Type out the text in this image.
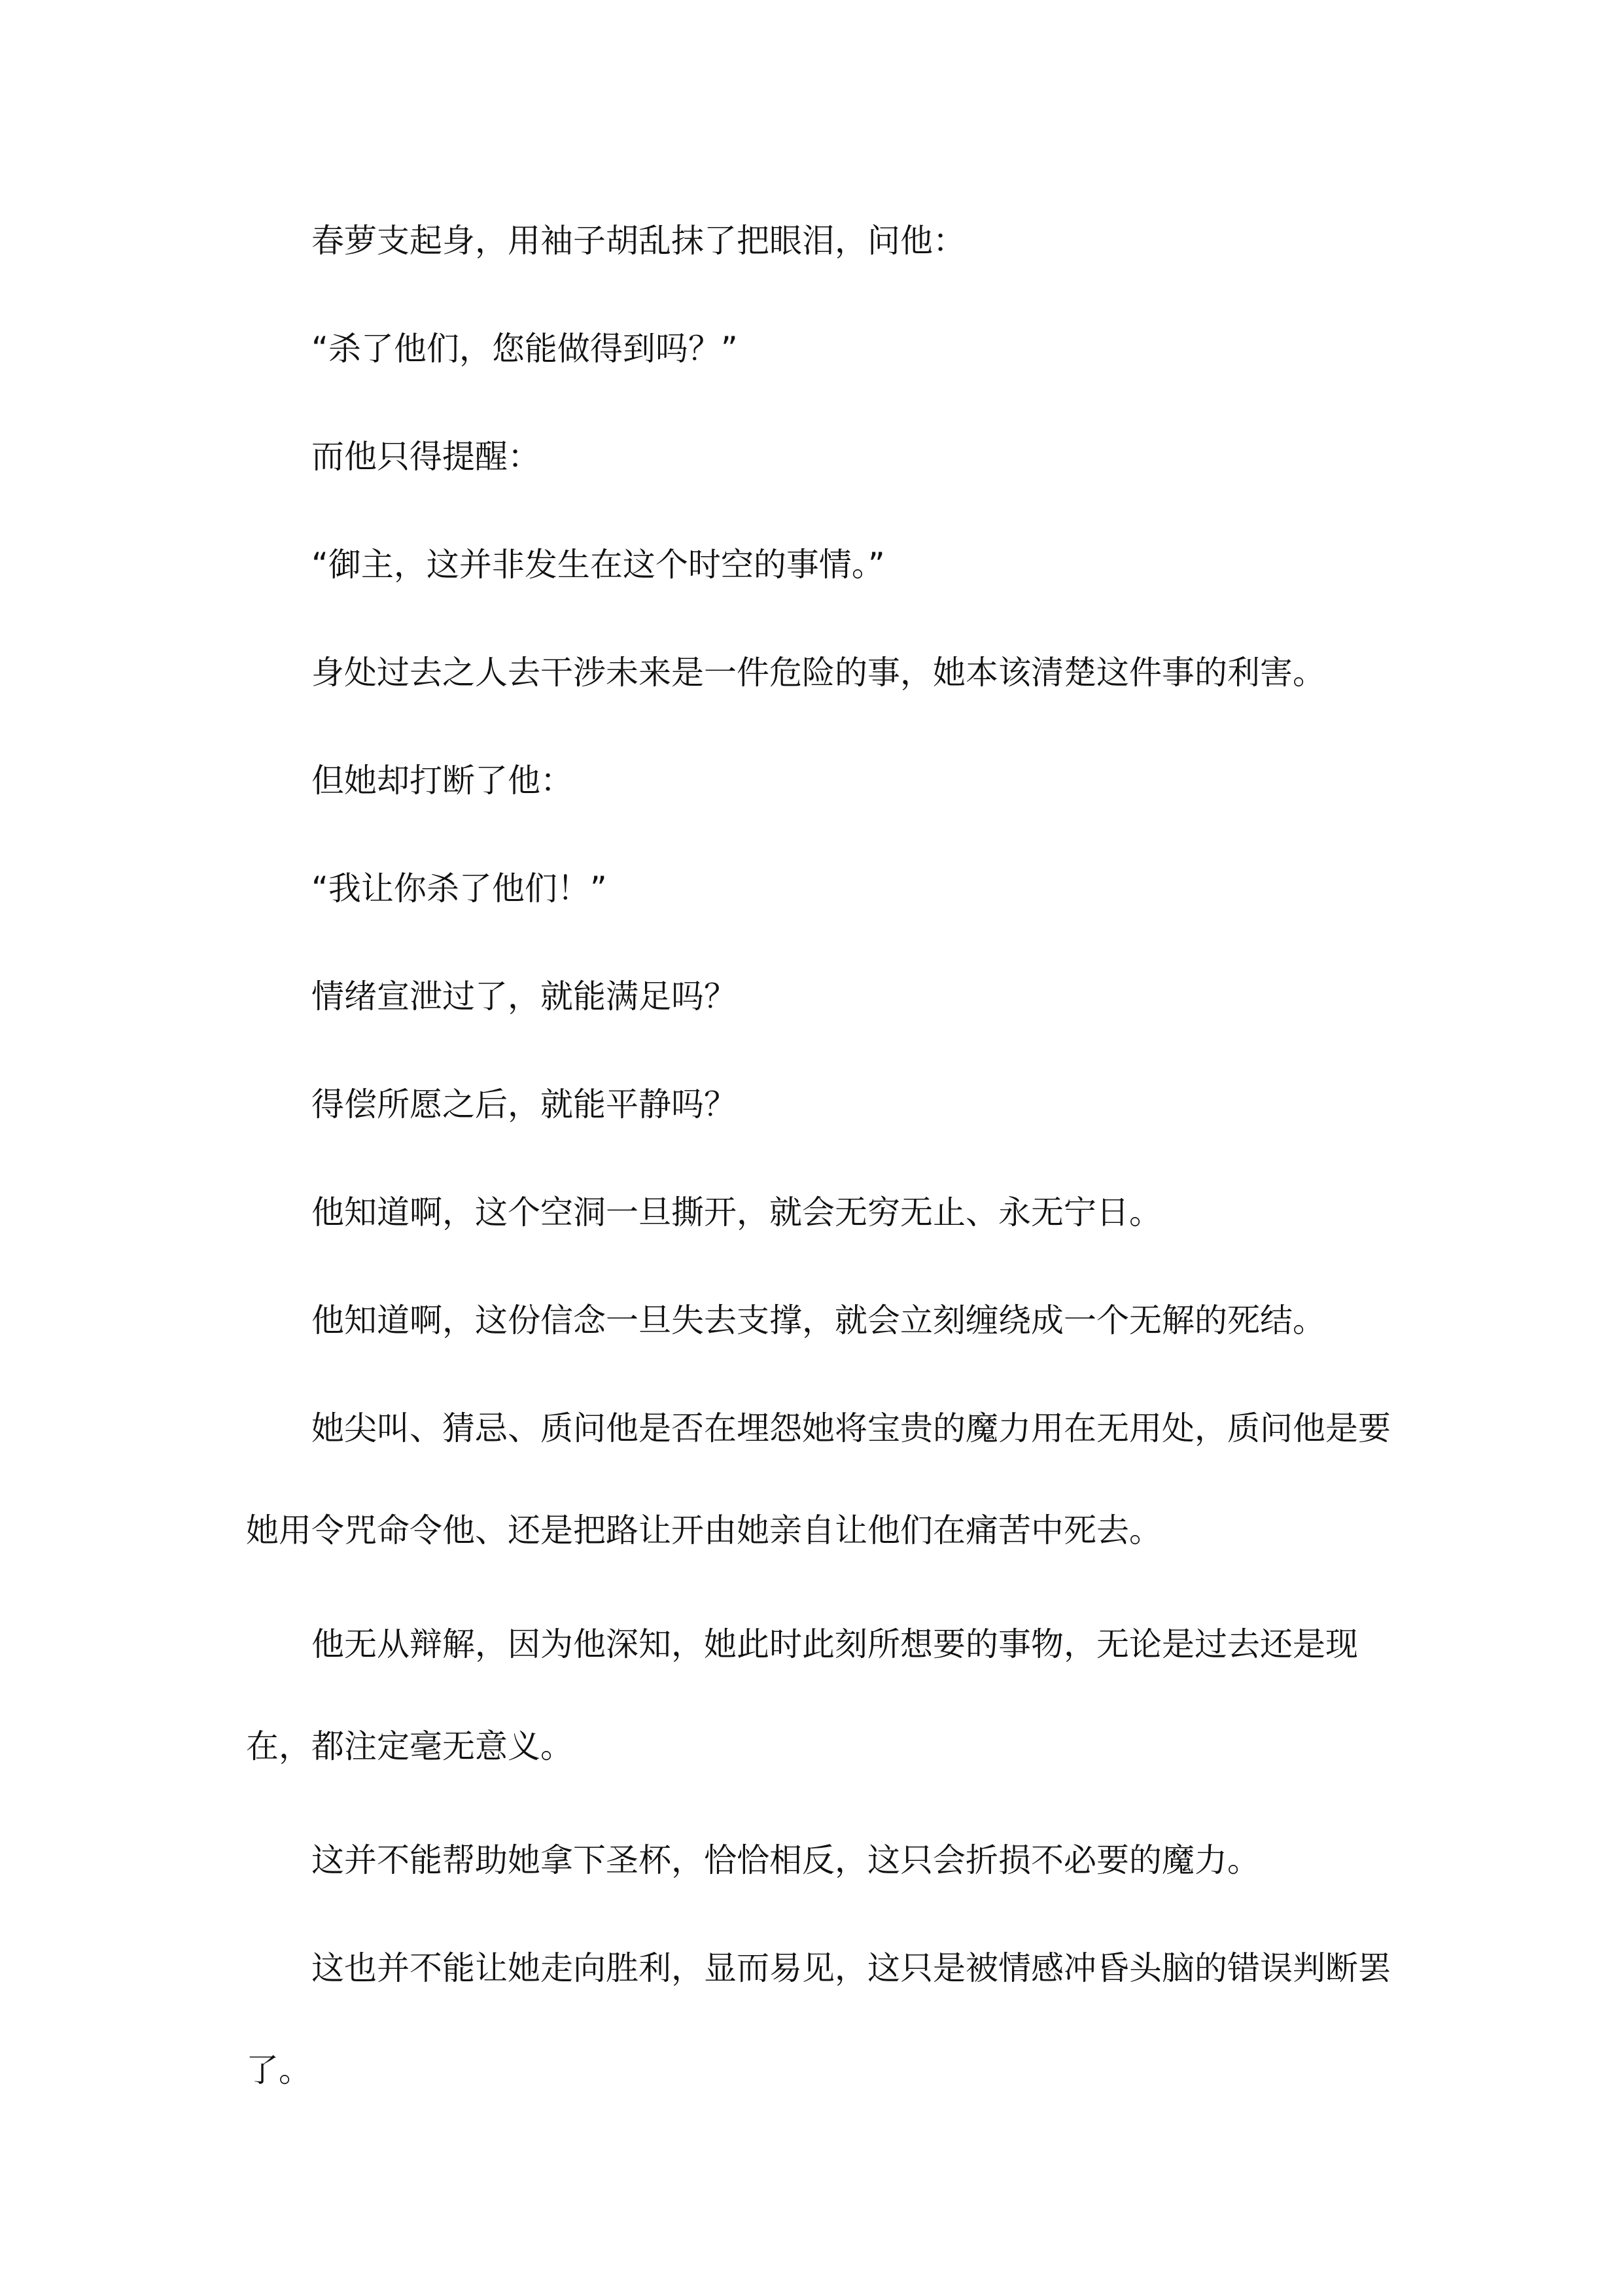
春萝支起身，用袖子胡乱抹了把眼泪，问他：

“杀了他们，您能做得到吗？”

而他只得提醒：

“御主，这并非发生在这个时空的事情。”

身处过去之人去干涉未来是一件危险的事，她本该清楚这件事的利害。

但她却打断了他：

“我让你杀了他们！”

情绪宣泄过了，就能满足吗？

得偿所愿之后，就能平静吗？

他知道啊，这个空洞一旦撕开，就会无穷无止、永无宁日。

他知道啊，这份信念一旦失去支撑，就会立刻缠绕成一个无解的死结。

她尖叫、猜忌、质问他是否在埋怨她将宝贵的魔力用在无用处，质问他是要她用令咒命令他、还是把路让开由她亲自让他们在痛苦中死去。

他无从辩解，因为他深知，她此时此刻所想要的事物，无论是过去还是现在，都注定毫无意义。

这并不能帮助她拿下圣杯，恰恰相反，这只会折损不必要的魔力。

这也并不能让她走向胜利，显而易见，这只是被情感冲昏头脑的错误判断罢了。
